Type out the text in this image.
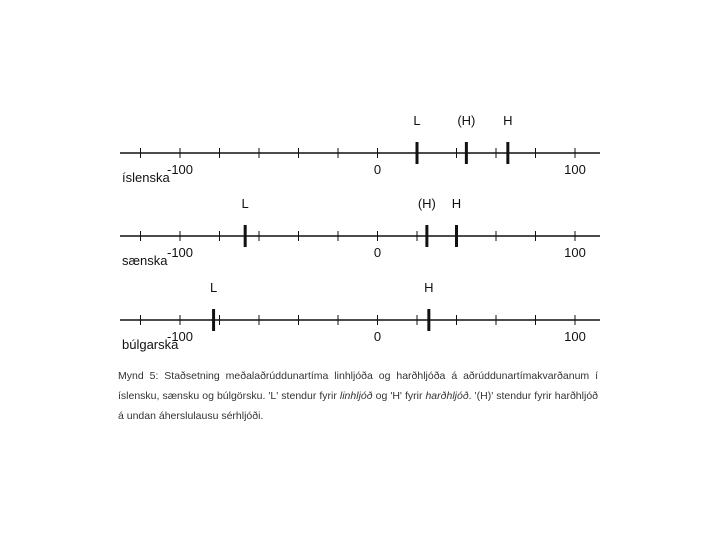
-100	0	100
íslenska
L	(H) H
-100	0	100
sænska
L	(H) H
-100	0	100
búlgarska
L	H
Mynd 5: Staðsetning meðalaðrúddunartíma linhljóða og harðhljóða á aðrúddunartímakvarðanum í íslensku, sænsku og búlgörsku. 'L' stendur fyrir linhljóð og 'H' fyrir harðhljóð. '(H)' stendur fyrir harðhljóð á undan áherslulausu sérhljóði.
